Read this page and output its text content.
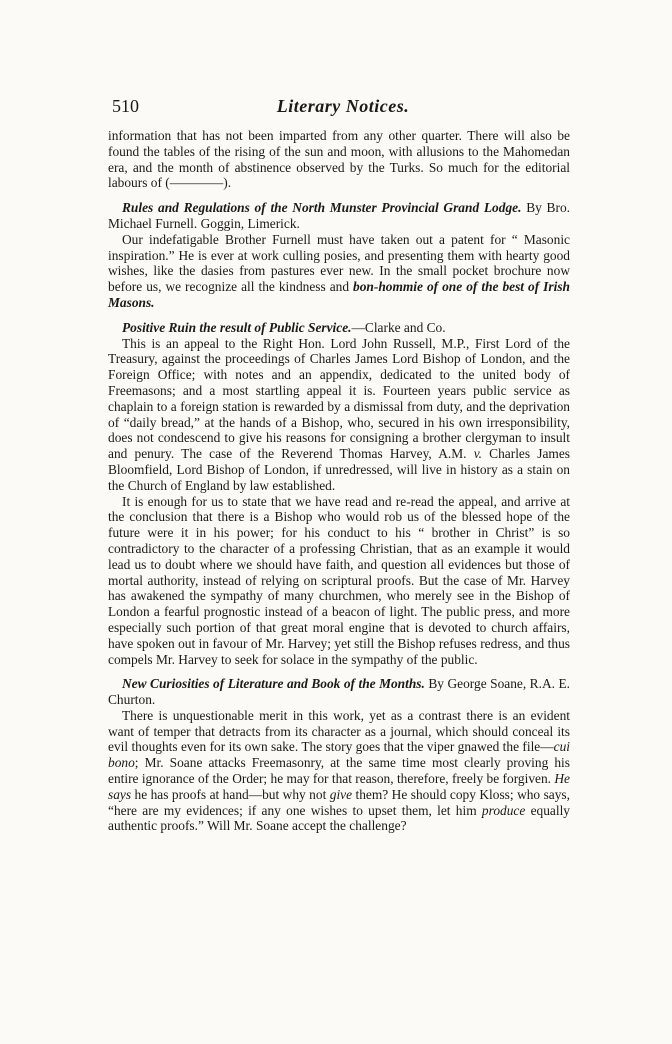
510	Literary Notices.

information that has not been imparted from any other quarter. There will also be found the tables of the rising of the sun and moon, with allusions to the Mahomedan era, and the month of abstinence observed by the Turks. So much for the editorial labours of (————).

Rules and Regulations of the North Munster Provincial Grand Lodge. By Bro. Michael Furnell. Goggin, Limerick.

Our indefatigable Brother Furnell must have taken out a patent for “ Masonic inspiration.” He is ever at work culling posies, and presenting them with hearty good wishes, like the dasies from pastures ever new. In the small pocket brochure now before us, we recognize all the kindness and bon-hommie of one of the best of Irish Masons.

Positive Ruin the result of Public Service.—Clarke and Co.

This is an appeal to the Right Hon. Lord John Russell, M.P., First Lord of the Treasury, against the proceedings of Charles James Lord Bishop of London, and the Foreign Office; with notes and an appendix, dedicated to the united body of Freemasons; and a most startling appeal it is. Fourteen years public service as chaplain to a foreign station is rewarded by a dismissal from duty, and the deprivation of “daily bread,” at the hands of a Bishop, who, secured in his own irresponsibility, does not condescend to give his reasons for consigning a brother clergyman to insult and penury. The case of the Reverend Thomas Harvey, A.M. v. Charles James Bloomfield, Lord Bishop of London, if unredressed, will live in history as a stain on the Church of England by law established.

It is enough for us to state that we have read and re-read the appeal, and arrive at the conclusion that there is a Bishop who would rob us of the blessed hope of the future were it in his power; for his conduct to his “ brother in Christ” is so contradictory to the character of a professing Christian, that as an example it would lead us to doubt where we should have faith, and question all evidences but those of mortal authority, instead of relying on scriptural proofs. But the case of Mr. Harvey has awakened the sympathy of many churchmen, who merely see in the Bishop of London a fearful prognostic instead of a beacon of light. The public press, and more especially such portion of that great moral engine that is devoted to church affairs, have spoken out in favour of Mr. Harvey; yet still the Bishop refuses redress, and thus compels Mr. Harvey to seek for solace in the sympathy of the public.

New Curiosities of Literature and Book of the Months. By George Soane, R.A. E. Churton.

There is unquestionable merit in this work, yet as a contrast there is an evident want of temper that detracts from its character as a journal, which should conceal its evil thoughts even for its own sake. The story goes that the viper gnawed the file—cui bono; Mr. Soane attacks Freemasonry, at the same time most clearly proving his entire ignorance of the Order; he may for that reason, therefore, freely be forgiven. He says he has proofs at hand—but why not give them? He should copy Kloss; who says, “here are my evidences; if any one wishes to upset them, let him produce equally authentic proofs.” Will Mr. Soane accept the challenge?
